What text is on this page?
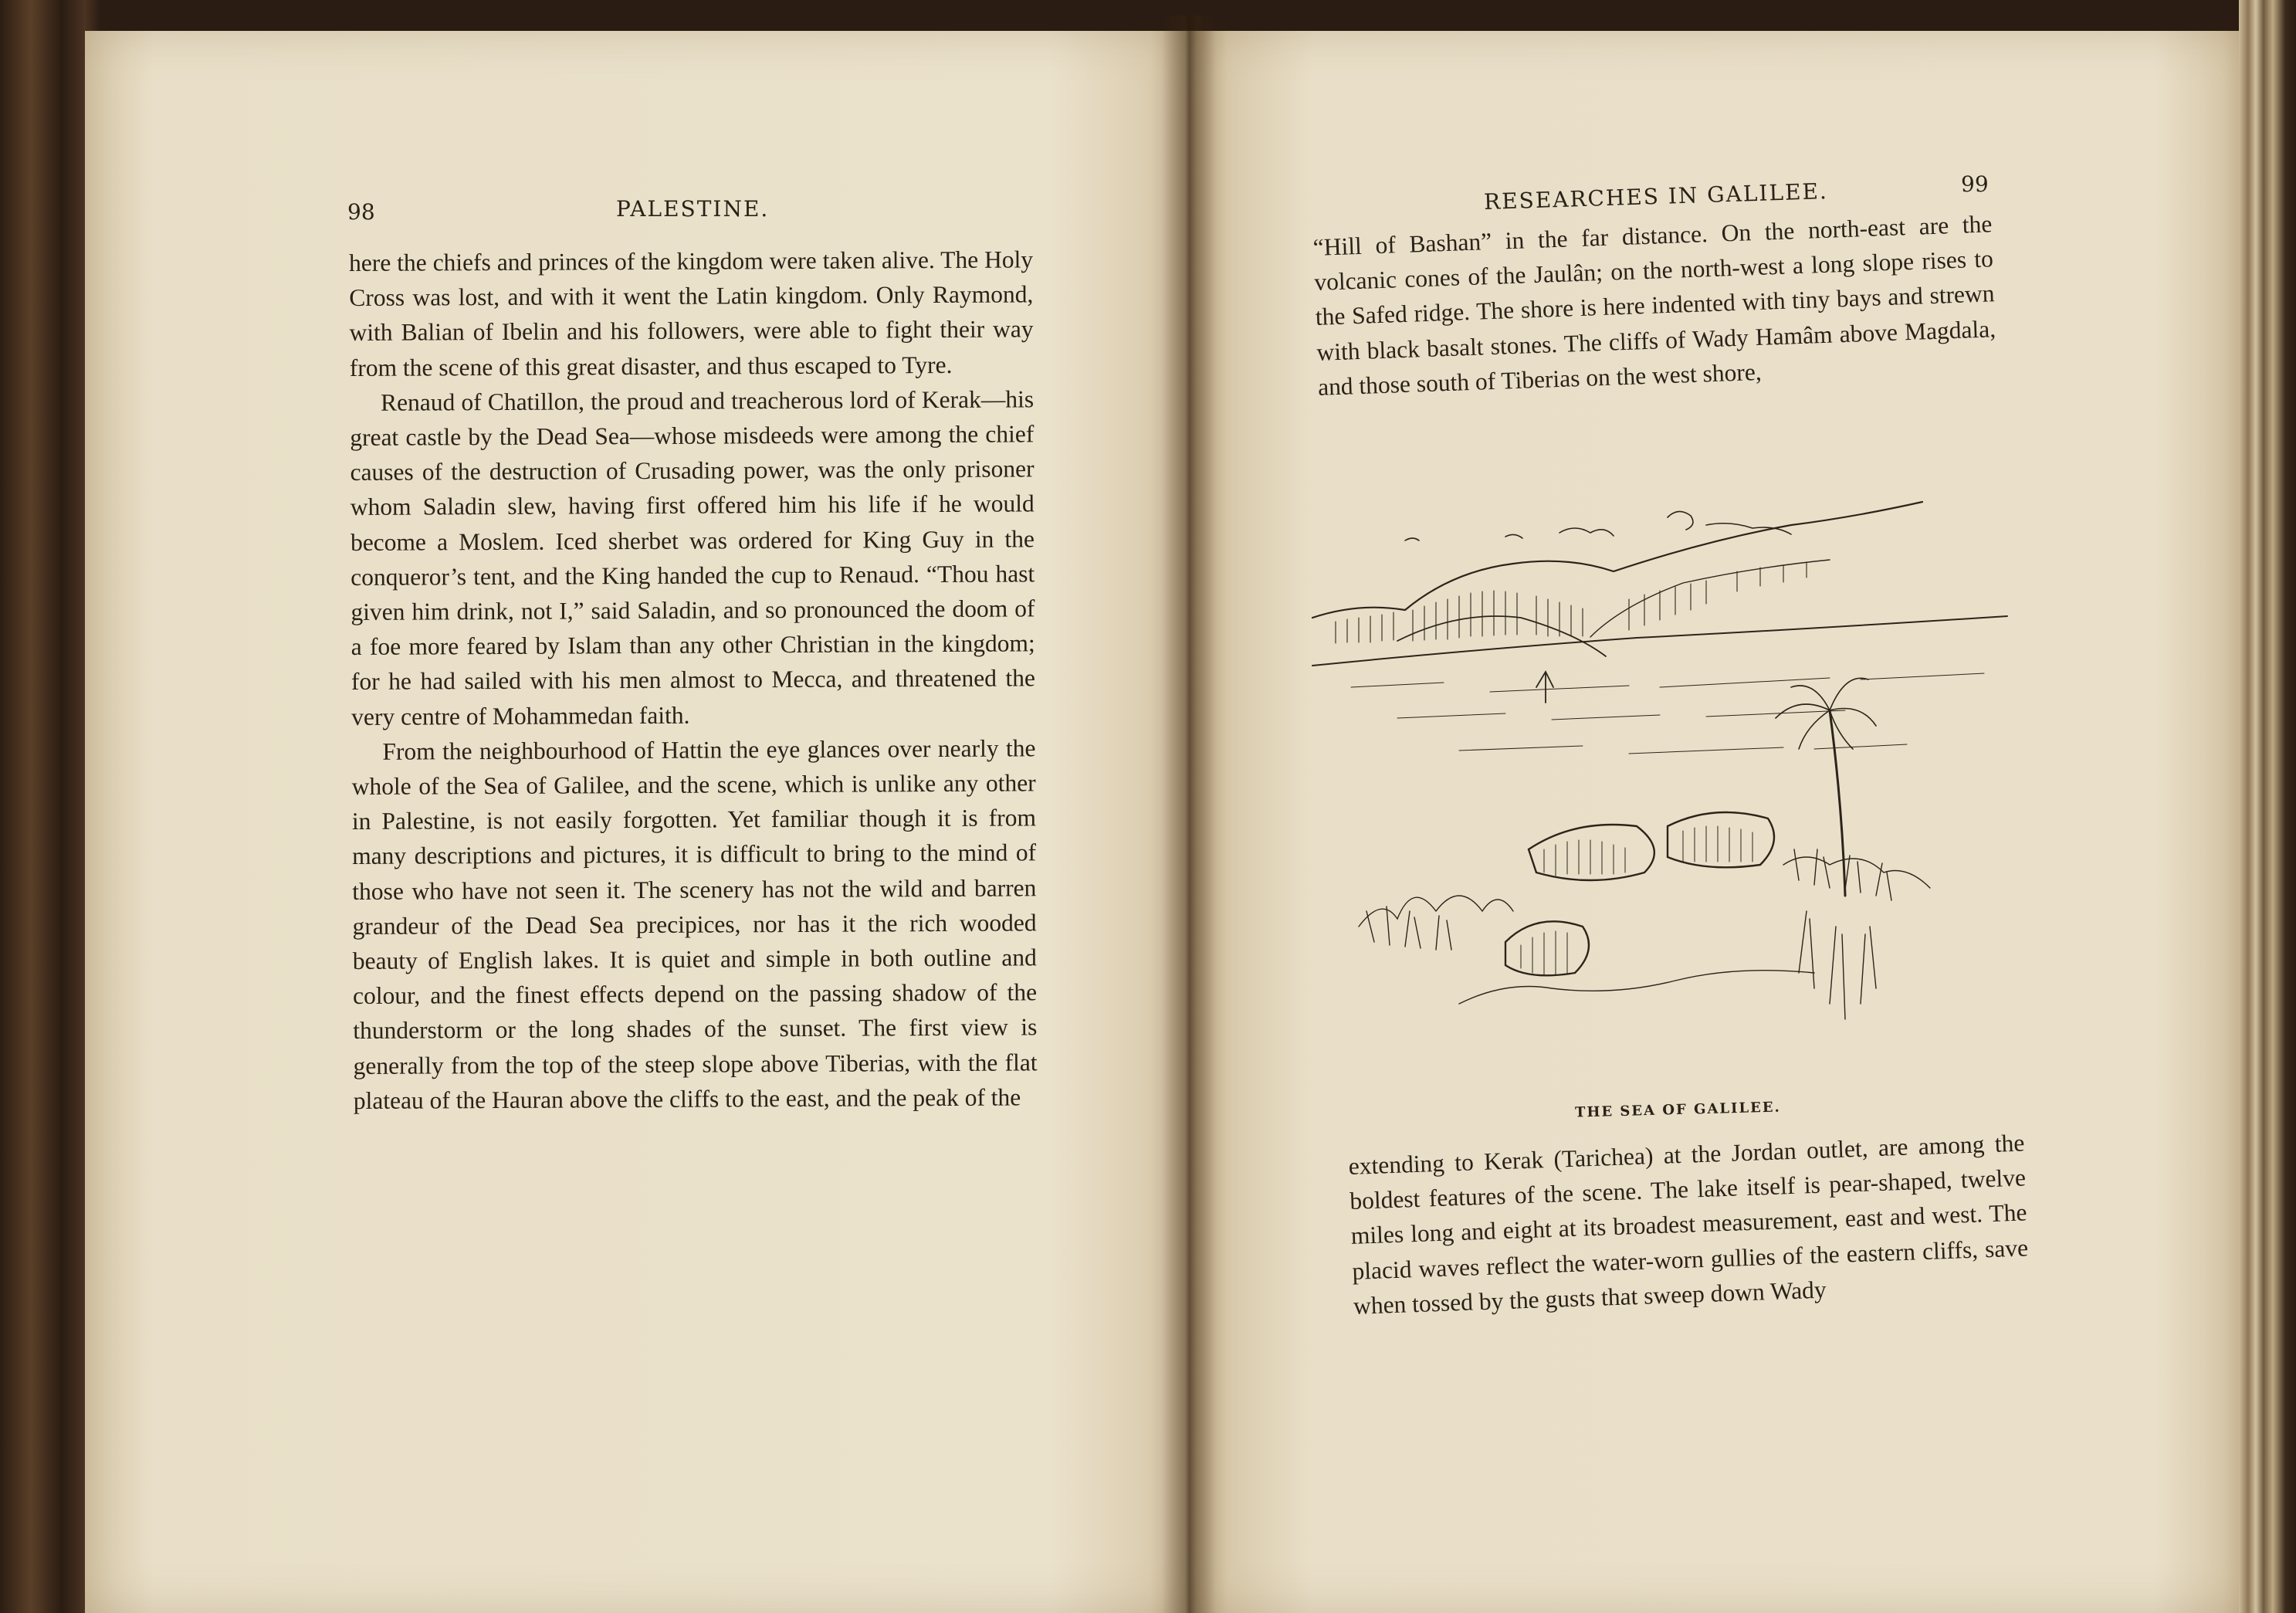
98	PALESTINE.

here the chiefs and princes of the kingdom were taken alive. The Holy Cross was lost, and with it went the Latin kingdom. Only Raymond, with Balian of Ibelin and his followers, were able to fight their way from the scene of this great disaster, and thus escaped to Tyre.

Renaud of Chatillon, the proud and treacherous lord of Kerak—his great castle by the Dead Sea—whose misdeeds were among the chief causes of the destruction of Crusading power, was the only prisoner whom Saladin slew, having first offered him his life if he would become a Moslem. Iced sherbet was ordered for King Guy in the conqueror’s tent, and the King handed the cup to Renaud. “Thou hast given him drink, not I,” said Saladin, and so pronounced the doom of a foe more feared by Islam than any other Christian in the kingdom; for he had sailed with his men almost to Mecca, and threatened the very centre of Mohammedan faith.

From the neighbourhood of Hattin the eye glances over nearly the whole of the Sea of Galilee, and the scene, which is unlike any other in Palestine, is not easily forgotten. Yet familiar though it is from many descriptions and pictures, it is difficult to bring to the mind of those who have not seen it. The scenery has not the wild and barren grandeur of the Dead Sea precipices, nor has it the rich wooded beauty of English lakes. It is quiet and simple in both outline and colour, and the finest effects depend on the passing shadow of the thunderstorm or the long shades of the sunset. The first view is generally from the top of the steep slope above Tiberias, with the flat plateau of the Hauran above the cliffs to the east, and the peak of the

RESEARCHES IN GALILEE.	99

“Hill of Bashan” in the far distance. On the north-east are the volcanic cones of the Jaulân; on the north-west a long slope rises to the Safed ridge. The shore is here indented with tiny bays and strewn with black basalt stones. The cliffs of Wady Hamâm above Magdala, and those south of Tiberias on the west shore,

THE SEA OF GALILEE.

extending to Kerak (Tarichea) at the Jordan outlet, are among the boldest features of the scene. The lake itself is pear-shaped, twelve miles long and eight at its broadest measurement, east and west. The placid waves reflect the water-worn gullies of the eastern cliffs, save when tossed by the gusts that sweep down Wady
